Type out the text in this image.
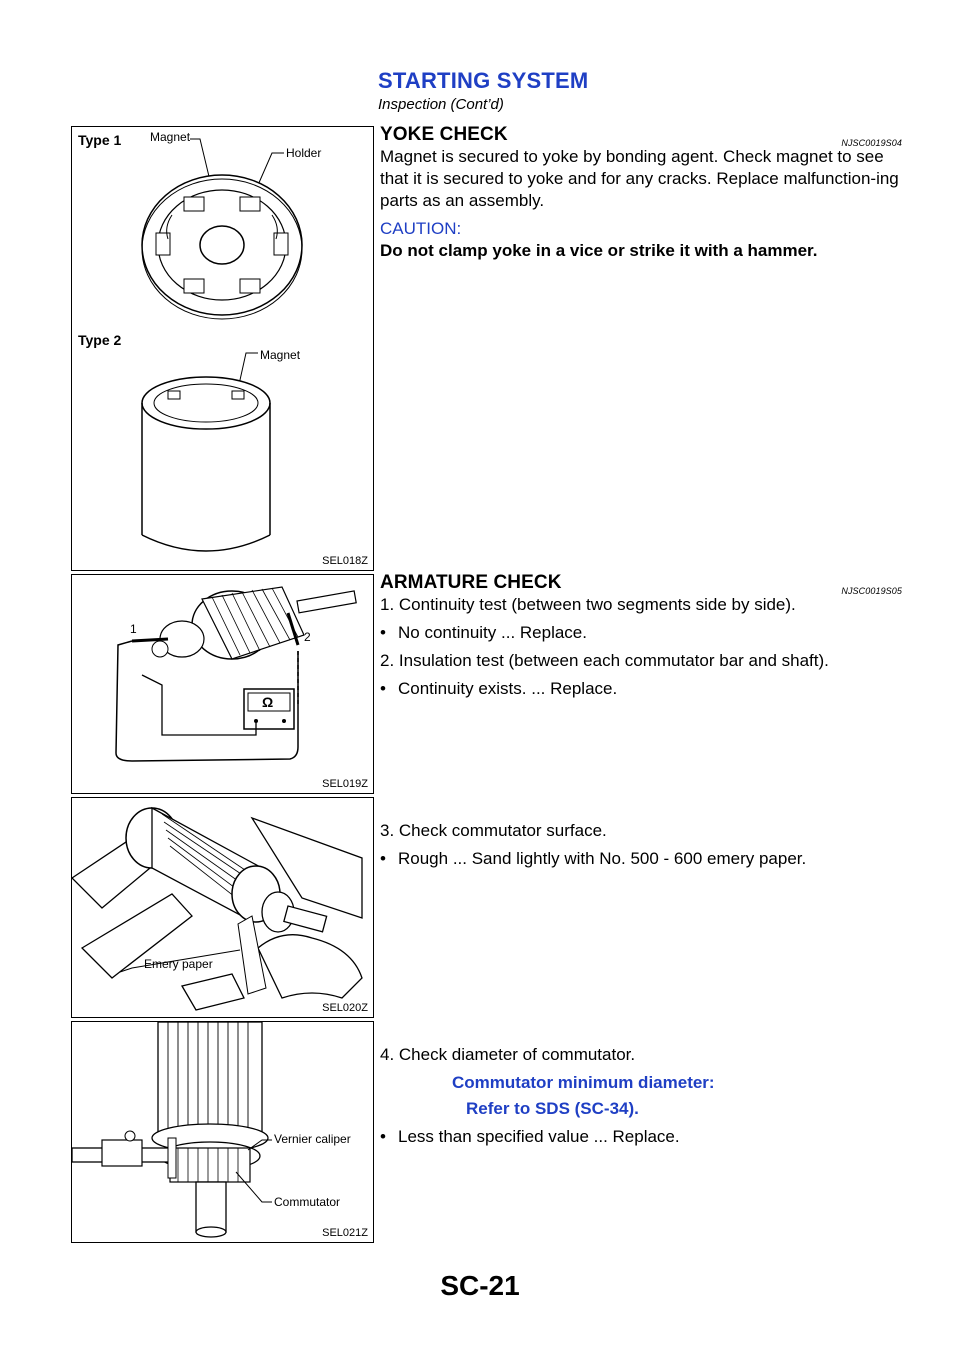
STARTING SYSTEM
Inspection (Cont’d)
Type 1 Magnet
Holder
Type 2
Magnet
SEL018Z
1
2
Ω
SEL019Z
Emery paper
SEL020Z
Vernier caliper
Commutator
SEL021Z
YOKE CHECK	NJSC0019S04

Magnet is secured to yoke by bonding agent. Check magnet to see that it is secured to yoke and for any cracks. Replace malfunction-ing parts as an assembly.

CAUTION:

Do not clamp yoke in a vice or strike it with a hammer.

ARMATURE CHECK	NJSC0019S05

1. Continuity test (between two segments side by side).

• No continuity ... Replace.

2. Insulation test (between each commutator bar and shaft).

• Continuity exists. ... Replace.

3. Check commutator surface.

• Rough ... Sand lightly with No. 500 - 600 emery paper.

4. Check diameter of commutator.

Commutator minimum diameter:

Refer to SDS (SC-34).

• Less than specified value ... Replace.

SC-21
